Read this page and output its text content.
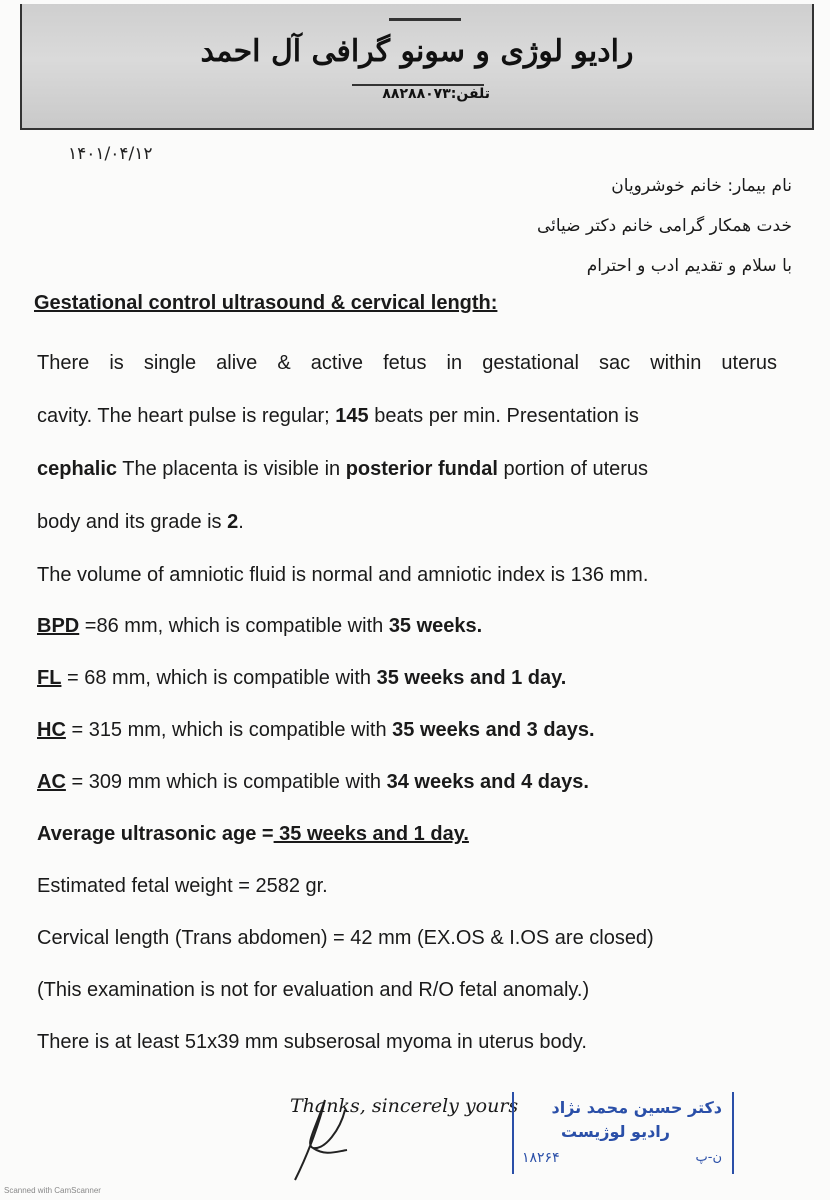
رادیو لوژی و سونو گرافی آل احمد
تلفن:۸۸۲۸۸۰۷۳
۱۴۰۱/۰۴/۱۲
نام بیمار: خانم خوشرویان
خدت همکار گرامی خانم دکتر ضیائی
با سلام و تقدیم ادب و احترام
Gestational control ultrasound & cervical length:
There is single alive & active fetus in gestational sac within uterus
cavity. The heart pulse is regular; 145 beats per min. Presentation is
cephalic The placenta is visible in posterior fundal portion of uterus
body and its grade is 2.
The volume of amniotic fluid is normal and amniotic index is 136 mm.
BPD =86 mm, which is compatible with 35 weeks.
FL = 68 mm, which is compatible with 35 weeks and 1 day.
HC = 315 mm, which is compatible with 35 weeks and 3 days.
AC = 309 mm which is compatible with 34 weeks and 4 days.
Average ultrasonic age = 35 weeks and 1 day.
Estimated fetal weight = 2582 gr.
Cervical length (Trans abdomen) = 42 mm (EX.OS & I.OS are closed)
(This examination is not for evaluation and R/O fetal anomaly.)
There is at least 51x39 mm subserosal myoma in uterus body.
Thanks, sincerely yours دکتر حسین محمد نژاد
رادیو لوژیست
۱۸۲۶۴	ن-پ
Scanned with CamScanner
